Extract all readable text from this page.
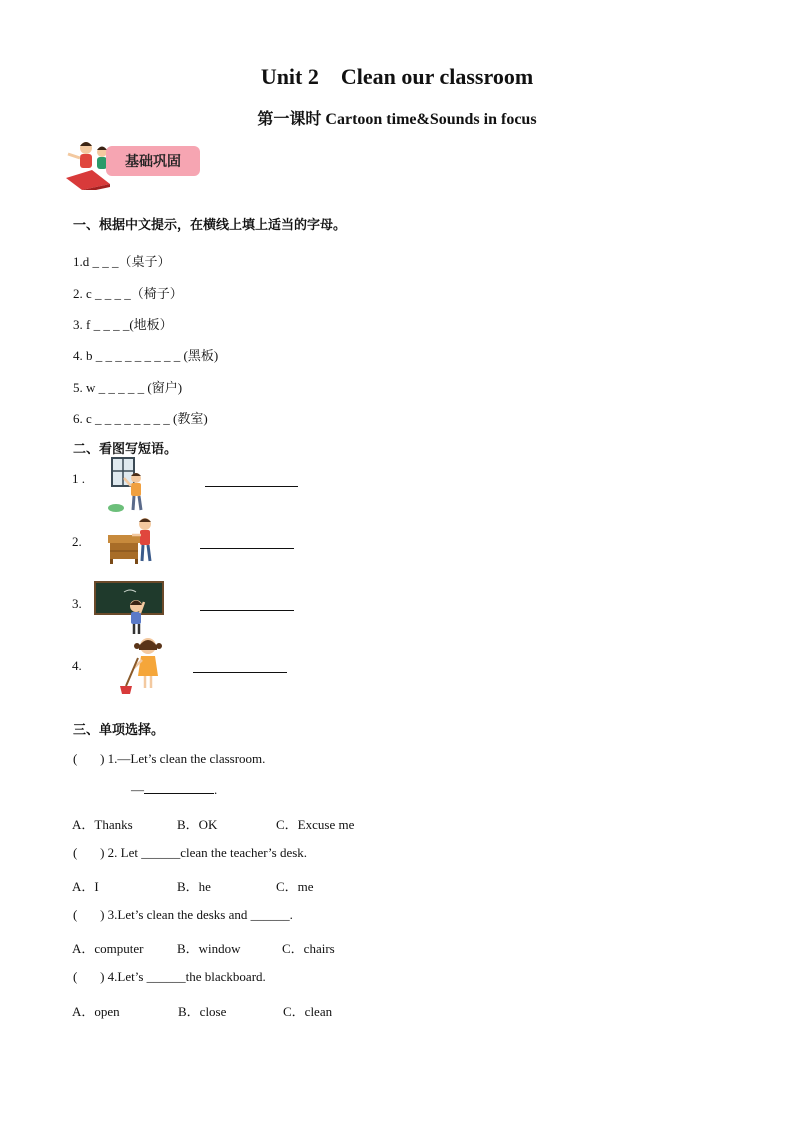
Unit 2 Clean our classroom
第一课时 Cartoon time&Sounds in focus
基础巩固
一、根据中文提示，在横线上填上适当的字母。
1.d _ _ _（桌子）
2. c _ _ _ _（椅子）
3. f _ _ _ _(地板）
4. b _ _ _ _ _ _ _ _ _ (黑板)
5. w _ _ _ _ _ (窗户)
6. c _ _ _ _ _ _ _ _ (教室)
二、看图写短语。
1 .
2.
3.
4.
三、单项选择。
(       ) 1.—Let’s clean the classroom.
—	.
A．Thanks	B．OK	C．Excuse me
(       ) 2. Let ______clean the teacher’s desk.
A．I	B．he	C．me
(       ) 3.Let’s clean the desks and ______.
A．computer	B．window	C．chairs
(       ) 4.Let’s ______the blackboard.
A．open	B．close	C．clean
